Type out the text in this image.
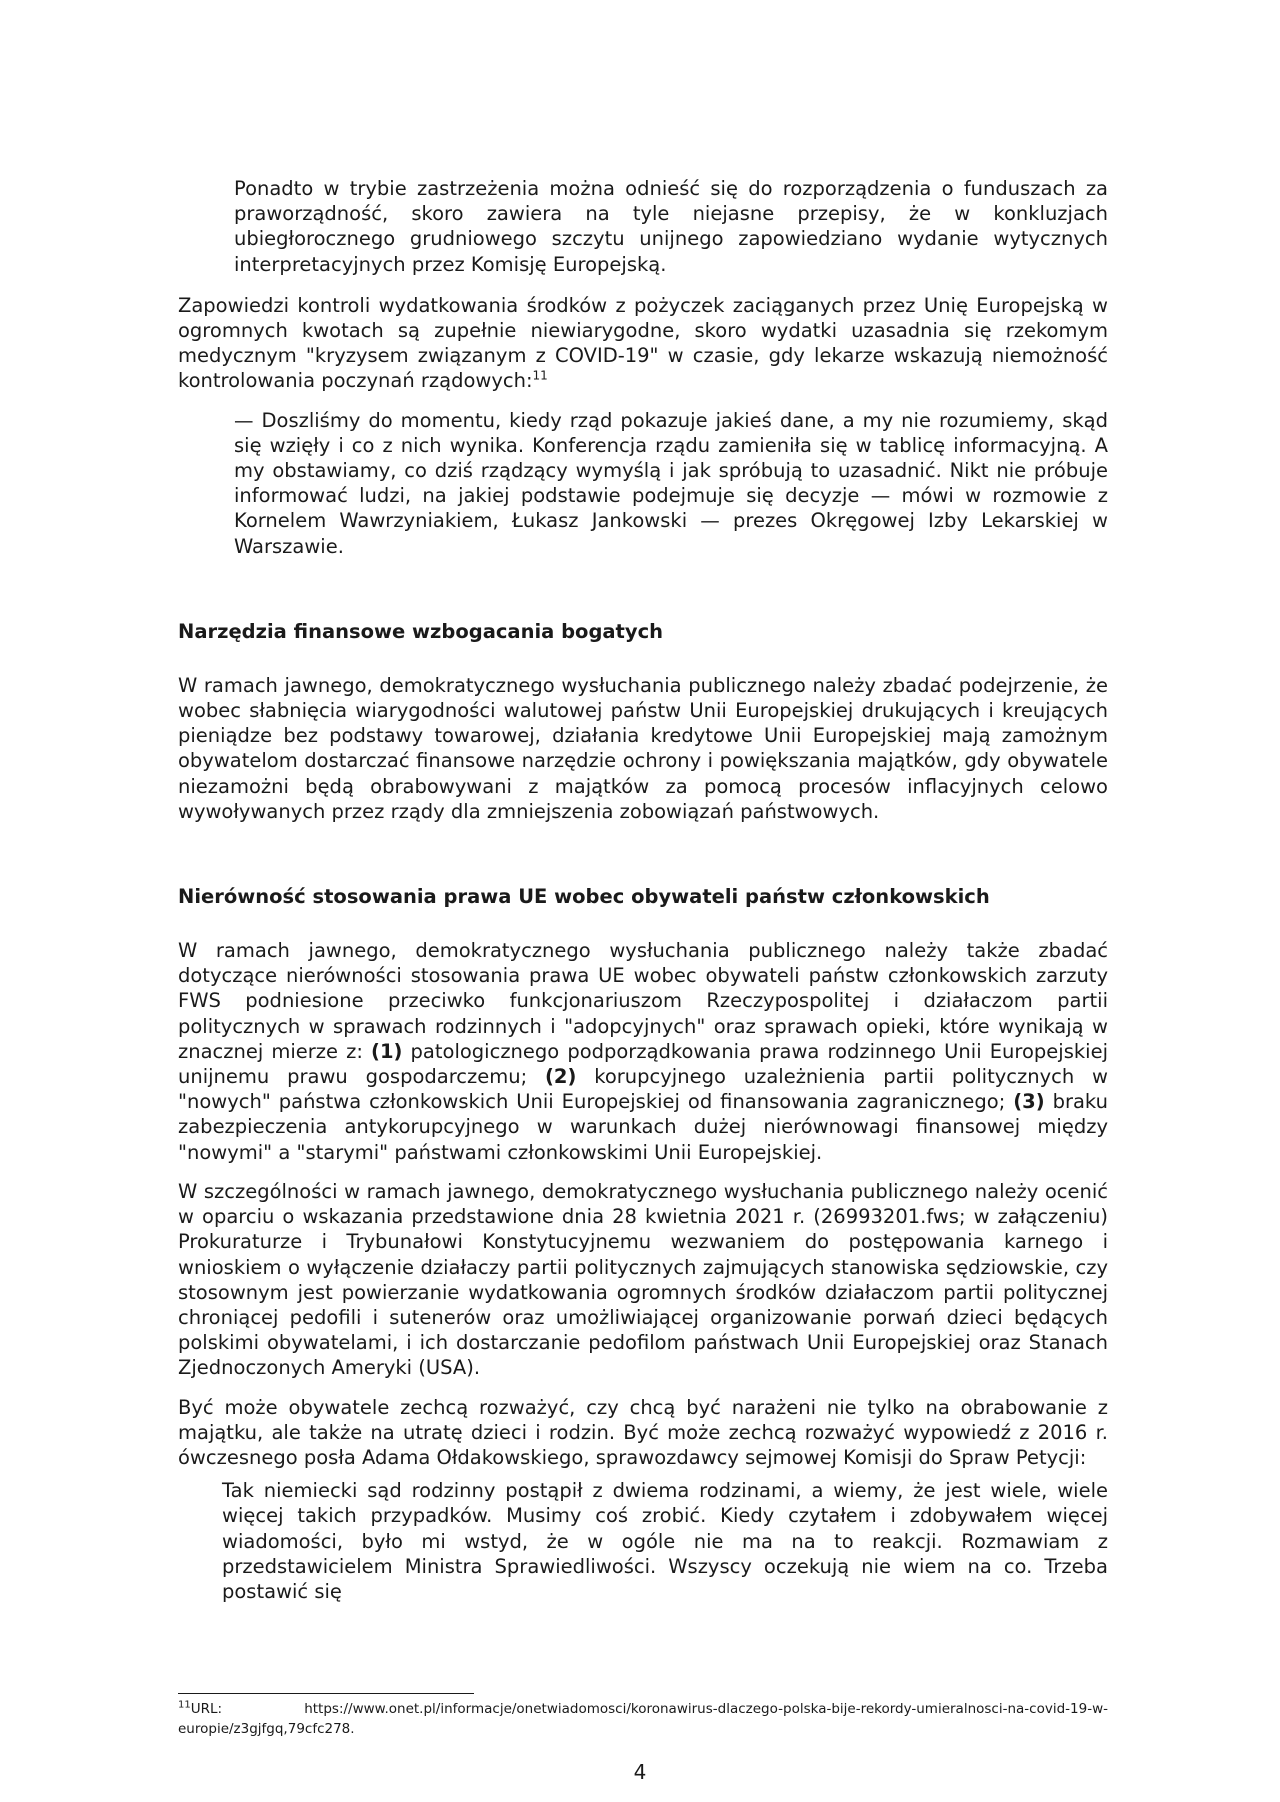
Ponadto w trybie zastrzeżenia można odnieść się do rozporządzenia o funduszach za praworządność, skoro zawiera na tyle niejasne przepisy, że w konkluzjach ubiegłorocznego grudniowego szczytu unijnego zapowiedziano wydanie wytycznych interpretacyjnych przez Komisję Europejską.

Zapowiedzi kontroli wydatkowania środków z pożyczek zaciąganych przez Unię Europejską w ogromnych kwotach są zupełnie niewiarygodne, skoro wydatki uzasadnia się rzekomym medycznym "kryzysem związanym z COVID-19" w czasie, gdy lekarze wskazują niemożność kontrolowania poczynań rządowych:$^{11}$

— Doszliśmy do momentu, kiedy rząd pokazuje jakieś dane, a my nie rozumiemy, skąd się wzięły i co z nich wynika. Konferencja rządu zamieniła się w tablicę informacyjną. A my obstawiamy, co dziś rządzący wymyślą i jak spróbują to uzasadnić. Nikt nie próbuje informować ludzi, na jakiej podstawie podejmuje się decyzje — mówi w rozmowie z Kornelem Wawrzyniakiem, Łukasz Jankowski — prezes Okręgowej Izby Lekarskiej w Warszawie.

Narzędzia finansowe wzbogacania bogatych

W ramach jawnego, demokratycznego wysłuchania publicznego należy zbadać podejrzenie, że wobec słabnięcia wiarygodności walutowej państw Unii Europejskiej drukujących i kreujących pieniądze bez podstawy towarowej, działania kredytowe Unii Europejskiej mają zamożnym obywatelom dostarczać finansowe narzędzie ochrony i powiększania majątków, gdy obywatele niezamożni będą obrabowywani z majątków za pomocą procesów inflacyjnych celowo wywoływanych przez rządy dla zmniejszenia zobowiązań państwowych.

Nierówność stosowania prawa UE wobec obywateli państw członkowskich

W ramach jawnego, demokratycznego wysłuchania publicznego należy także zbadać dotyczące nierówności stosowania prawa UE wobec obywateli państw członkowskich zarzuty FWS podniesione przeciwko funkcjonariuszom Rzeczypospolitej i działaczom partii politycznych w sprawach rodzinnych i "adopcyjnych" oraz sprawach opieki, które wynikają w znacznej mierze z: (1) patologicznego podporządkowania prawa rodzinnego Unii Europejskiej unijnemu prawu gospodarczemu; (2) korupcyjnego uzależnienia partii politycznych w "nowych" państwa członkowskich Unii Europejskiej od finansowania zagranicznego; (3) braku zabezpieczenia antykorupcyjnego w warunkach dużej nierównowagi finansowej między "nowymi" a "starymi" państwami członkowskimi Unii Europejskiej.

W szczególności w ramach jawnego, demokratycznego wysłuchania publicznego należy ocenić w oparciu o wskazania przedstawione dnia 28 kwietnia 2021 r. (26993201.fws; w załączeniu) Prokuraturze i Trybunałowi Konstytucyjnemu wezwaniem do postępowania karnego i wnioskiem o wyłączenie działaczy partii politycznych zajmujących stanowiska sędziowskie, czy stosownym jest powierzanie wydatkowania ogromnych środków działaczom partii politycznej chroniącej pedofili i sutenerów oraz umożliwiającej organizowanie porwań dzieci będących polskimi obywatelami, i ich dostarczanie pedofilom państwach Unii Europejskiej oraz Stanach Zjednoczonych Ameryki (USA).

Być może obywatele zechcą rozważyć, czy chcą być narażeni nie tylko na obrabowanie z majątku, ale także na utratę dzieci i rodzin. Być może zechcą rozważyć wypowiedź z 2016 r. ówczesnego posła Adama Ołdakowskiego, sprawozdawcy sejmowej Komisji do Spraw Petycji:

Tak niemiecki sąd rodzinny postąpił z dwiema rodzinami, a wiemy, że jest wiele, wiele więcej takich przypadków. Musimy coś zrobić. Kiedy czytałem i zdobywałem więcej wiadomości, było mi wstyd, że w ogóle nie ma na to reakcji. Rozmawiam z przedstawicielem Ministra Sprawiedliwości. Wszyscy oczekują nie wiem na co. Trzeba postawić się

$^{11}$URL: https://www.onet.pl/informacje/onetwiadomosci/koronawirus-dlaczego-polska-bije-rekordy-umieralnosci-na-covid-19-w-europie/z3gjfgq,79cfc278.

4
